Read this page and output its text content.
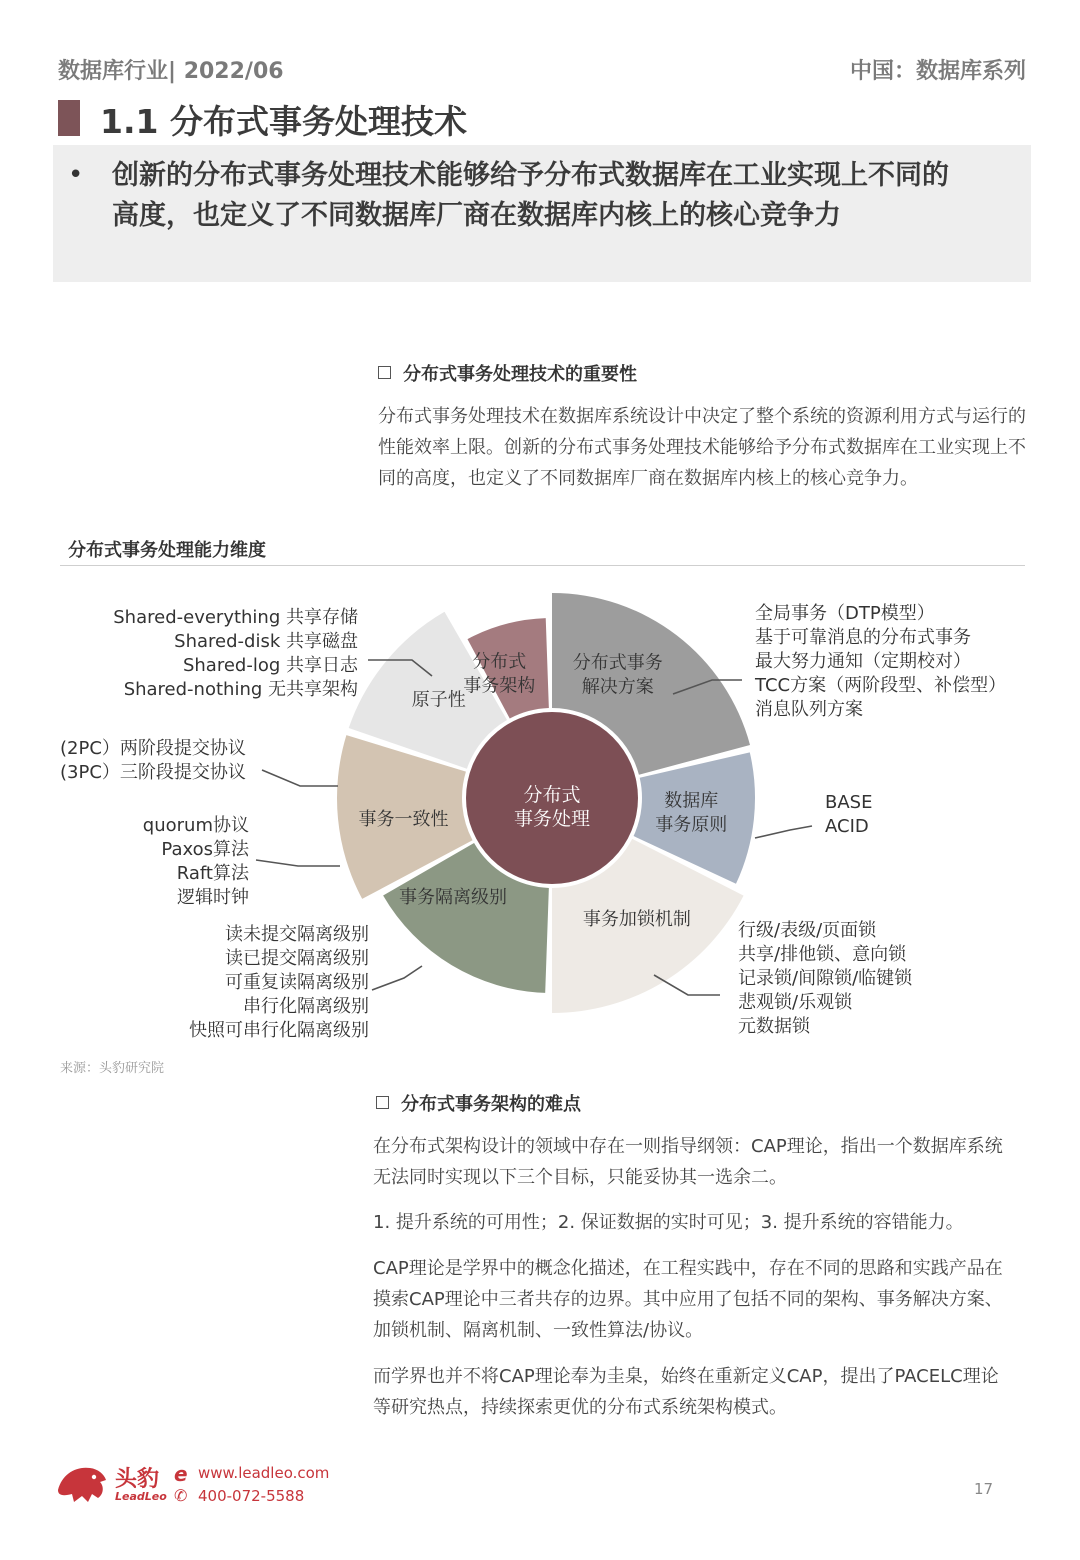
数据库行业| 2022/06	中国：数据库系列
1.1 分布式事务处理技术
• 创新的分布式事务处理技术能够给予分布式数据库在工业实现上不同的高度，也定义了不同数据库厂商在数据库内核上的核心竞争力
分布式事务处理技术的重要性
分布式事务处理技术在数据库系统设计中决定了整个系统的资源利用方式与运行的性能效率上限。创新的分布式事务处理技术能够给予分布式数据库在工业实现上不同的高度，也定义了不同数据库厂商在数据库内核上的核心竞争力。
分布式事务处理能力维度
分布式事务
解决方案
数据库
事务原则
事务加锁机制
事务隔离级别
事务一致性
原子性
分布式
事务架构
分布式
事务处理
Shared-everything 共享存储
Shared-disk 共享磁盘
Shared-log 共享日志
Shared-nothing 无共享架构
全局事务（DTP模型）
基于可靠消息的分布式事务
最大努力通知（定期校对）
TCC方案（两阶段型、补偿型）
消息队列方案
(2PC）两阶段提交协议
(3PC）三阶段提交协议
BASE
ACID
quorum协议
Paxos算法
Raft算法
逻辑时钟
行级/表级/页面锁
共享/排他锁、意向锁
记录锁/间隙锁/临键锁
悲观锁/乐观锁
元数据锁
读未提交隔离级别
读已提交隔离级别
可重复读隔离级别
串行化隔离级别
快照可串行化隔离级别
来源：头豹研究院
分布式事务架构的难点
在分布式架构设计的领域中存在一则指导纲领：CAP理论，指出一个数据库系统无法同时实现以下三个目标，只能妥协其一选余二。
1. 提升系统的可用性；2. 保证数据的实时可见；3. 提升系统的容错能力。
CAP理论是学界中的概念化描述，在工程实践中，存在不同的思路和实践产品在摸索CAP理论中三者共存的边界。其中应用了包括不同的架构、事务解决方案、加锁机制、隔离机制、一致性算法/协议。
而学界也并不将CAP理论奉为圭臬，始终在重新定义CAP，提出了PACELC理论等研究热点，持续探索更优的分布式系统架构模式。
头豹
LeadLeo
e
✆
www.leadleo.com
400-072-5588	17
